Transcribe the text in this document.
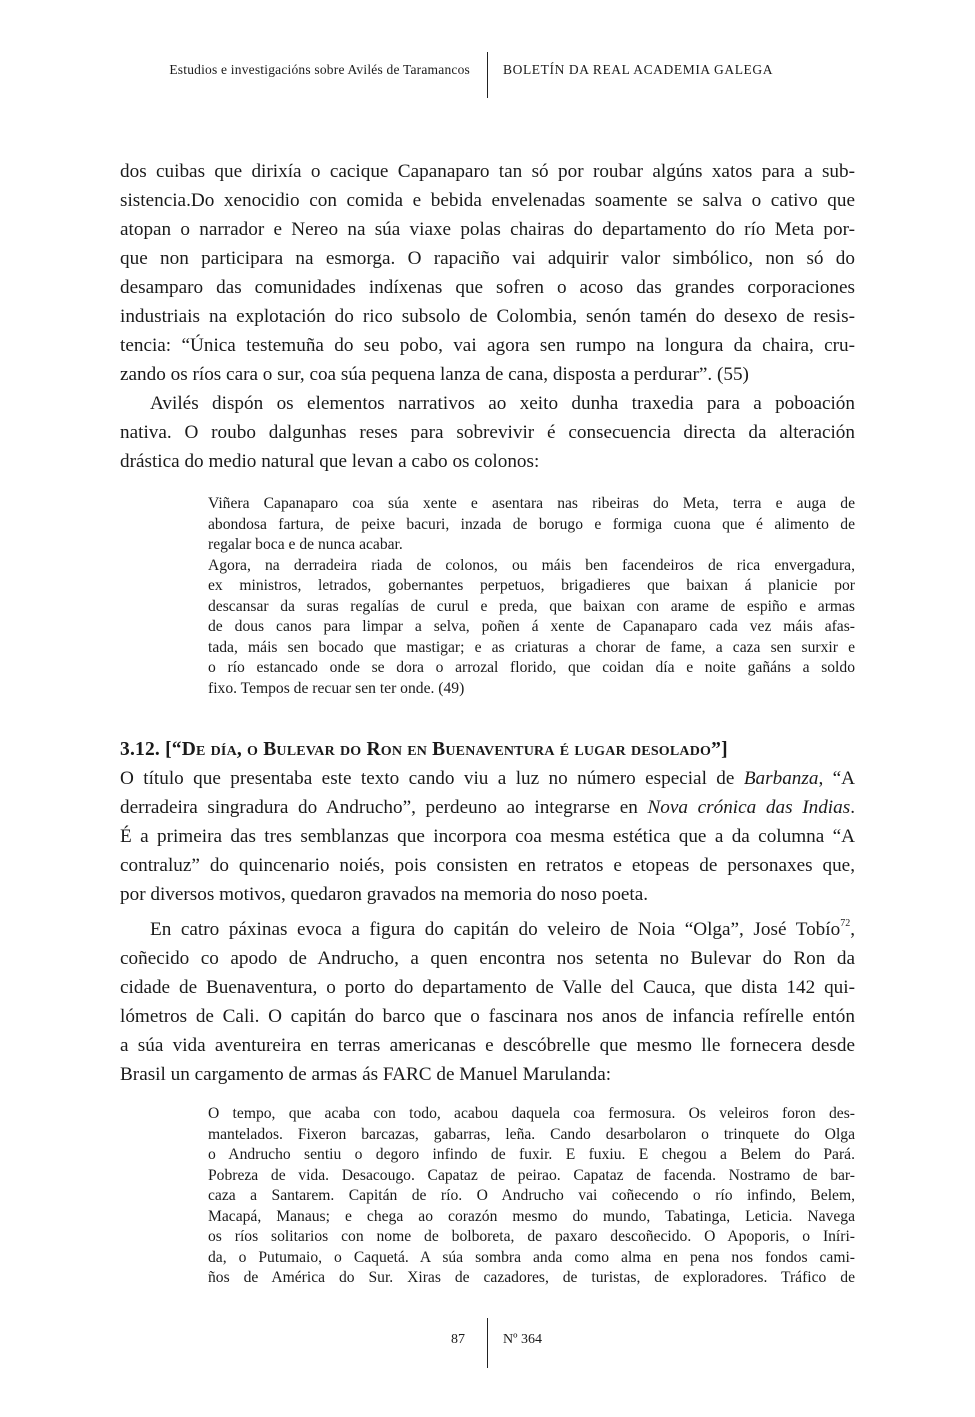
Estudios e investigacións sobre Avilés de Taramancos BOLETÍN DA REAL ACADEMIA GALEGA
dos cuibas que dirixía o cacique Capanaparo tan só por roubar algúns xatos para a sub-
sistencia.Do xenocidio con comida e bebida envelenadas soamente se salva o cativo que
atopan o narrador e Nereo na súa viaxe polas chairas do departamento do río Meta por-
que non participara na esmorga. O rapaciño vai adquirir valor simbólico, non só do
desamparo das comunidades indíxenas que sofren o acoso das grandes corporaciones
industriais na explotación do rico subsolo de Colombia, senón tamén do desexo de resis-
tencia: “Única testemuña do seu pobo, vai agora sen rumpo na longura da chaira, cru-
zando os ríos cara o sur, coa súa pequena lanza de cana, disposta a perdurar”. (55)
Avilés dispón os elementos narrativos ao xeito dunha traxedia para a poboación
nativa. O roubo dalgunhas reses para sobrevivir é consecuencia directa da alteración
drástica do medio natural que levan a cabo os colonos:
Viñera Capanaparo coa súa xente e asentara nas ribeiras do Meta, terra e auga de
abondosa fartura, de peixe bacuri, inzada de borugo e formiga cuona que é alimento de
regalar boca e de nunca acabar.
Agora, na derradeira riada de colonos, ou máis ben facendeiros de rica envergadura,
ex ministros, letrados, gobernantes perpetuos, brigadieres que baixan á planicie por
descansar da suras regalías de curul e preda, que baixan con arame de espiño e armas
de dous canos para limpar a selva, poñen á xente de Capanaparo cada vez máis afas-
tada, máis sen bocado que mastigar; e as criaturas a chorar de fame, a caza sen surxir e
o río estancado onde se dora o arrozal florido, que coidan día e noite gañáns a soldo
fixo. Tempos de recuar sen ter onde. (49)
3.12. [“De día, o Bulevar do Ron en Buenaventura é lugar desolado”]
O título que presentaba este texto cando viu a luz no número especial de Barbanza, “A
derradeira singradura do Andrucho”, perdeuno ao integrarse en Nova crónica das Indias.
É a primeira das tres semblanzas que incorpora coa mesma estética que a da columna “A
contraluz” do quincenario noiés, pois consisten en retratos e etopeas de personaxes que,
por diversos motivos, quedaron gravados na memoria do noso poeta.
En catro páxinas evoca a figura do capitán do veleiro de Noia “Olga”, José Tobío$^{72}$,
coñecido co apodo de Andrucho, a quen encontra nos setenta no Bulevar do Ron da
cidade de Buenaventura, o porto do departamento de Valle del Cauca, que dista 142 qui-
lómetros de Cali. O capitán do barco que o fascinara nos anos de infancia refírelle entón
a súa vida aventureira en terras americanas e descóbrelle que mesmo lle fornecera desde
Brasil un cargamento de armas ás FARC de Manuel Marulanda:
O tempo, que acaba con todo, acabou daquela coa fermosura. Os veleiros foron des-
mantelados. Fixeron barcazas, gabarras, leña. Cando desarbolaron o trinquete do Olga
o Andrucho sentiu o degoro infindo de fuxir. E fuxiu. E chegou a Belem do Pará.
Pobreza de vida. Desacougo. Capataz de peirao. Capataz de facenda. Nostramo de bar-
caza a Santarem. Capitán de río. O Andrucho vai coñecendo o río infindo, Belem,
Macapá, Manaus; e chega ao corazón mesmo do mundo, Tabatinga, Leticia. Navega
os ríos solitarios con nome de bolboreta, de paxaro descoñecido. O Apoporis, o Iníri-
da, o Putumaio, o Caquetá. A súa sombra anda como alma en pena nos fondos cami-
ños de América do Sur. Xiras de cazadores, de turistas, de exploradores. Tráfico de
87	Nº 364
